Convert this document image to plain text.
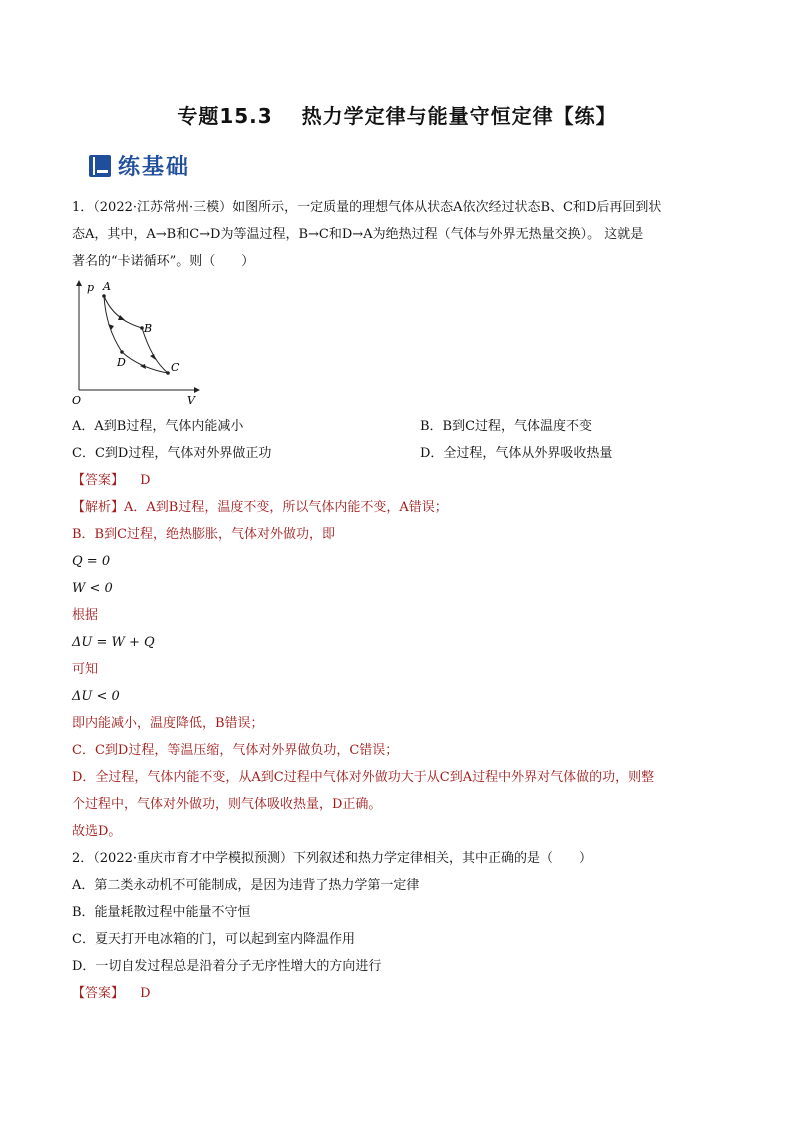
专题15.3　 热力学定律与能量守恒定律【练】
练基础
1．（2022·江苏常州·三模）如图所示，一定质量的理想气体从状态A依次经过状态B、C和D后再回到状
态A，其中，A→B和C→D为等温过程，B→C和D→A为绝热过程（气体与外界无热量交换）。 这就是
著名的“卡诺循环”。则（　　）
p
V
O
A
B
C
D
A．A到B过程，气体内能减小	B．B到C过程，气体温度不变
C．C到D过程，气体对外界做正功	D．全过程，气体从外界吸收热量
【答案】 D
【解析】A．A到B过程，温度不变，所以气体内能不变，A错误；
B．B到C过程，绝热膨胀，气体对外做功，即
Q = 0
W < 0
根据
ΔU = W + Q
可知
ΔU < 0
即内能减小，温度降低，B错误；
C．C到D过程，等温压缩，气体对外界做负功，C错误；
D．全过程，气体内能不变，从A到C过程中气体对外做功大于从C到A过程中外界对气体做的功，则整
个过程中，气体对外做功，则气体吸收热量，D正确。
故选D。
2．（2022·重庆市育才中学模拟预测）下列叙述和热力学定律相关，其中正确的是（　　）
A．第二类永动机不可能制成，是因为违背了热力学第一定律
B．能量耗散过程中能量不守恒
C．夏天打开电冰箱的门，可以起到室内降温作用
D．一切自发过程总是沿着分子无序性增大的方向进行
【答案】 D
